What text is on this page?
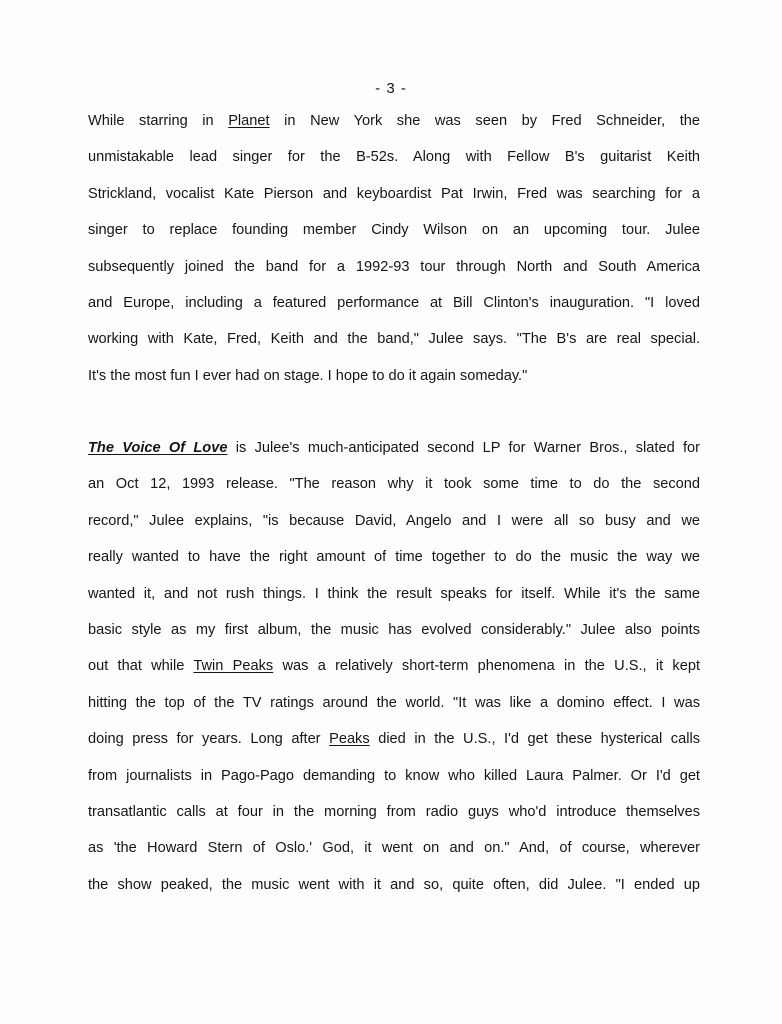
- 3 -
While starring in Planet in New York she was seen by Fred Schneider, the
unmistakable lead singer for the B-52s. Along with Fellow B's guitarist Keith
Strickland, vocalist Kate Pierson and keyboardist Pat Irwin, Fred was searching for a
singer to replace founding member Cindy Wilson on an upcoming tour. Julee
subsequently joined the band for a 1992-93 tour through North and South America
and Europe, including a featured performance at Bill Clinton's inauguration. "I loved
working with Kate, Fred, Keith and the band," Julee says. "The B's are real special.
It's the most fun I ever had on stage. I hope to do it again someday."
The Voice Of Love is Julee's much-anticipated second LP for Warner Bros., slated for
an Oct 12, 1993 release. "The reason why it took some time to do the second
record," Julee explains, "is because David, Angelo and I were all so busy and we
really wanted to have the right amount of time together to do the music the way we
wanted it, and not rush things. I think the result speaks for itself. While it's the same
basic style as my first album, the music has evolved considerably." Julee also points
out that while Twin Peaks was a relatively short-term phenomena in the U.S., it kept
hitting the top of the TV ratings around the world. "It was like a domino effect. I was
doing press for years. Long after Peaks died in the U.S., I'd get these hysterical calls
from journalists in Pago-Pago demanding to know who killed Laura Palmer. Or I'd get
transatlantic calls at four in the morning from radio guys who'd introduce themselves
as 'the Howard Stern of Oslo.' God, it went on and on." And, of course, wherever
the show peaked, the music went with it and so, quite often, did Julee. "I ended up
